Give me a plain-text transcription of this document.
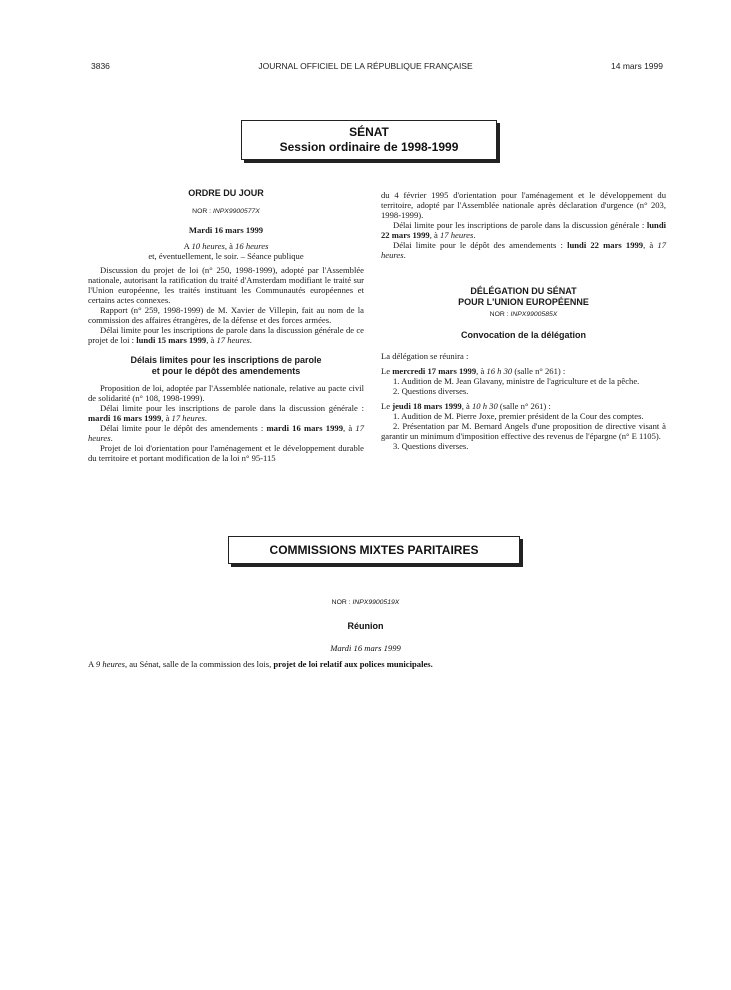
3836	JOURNAL OFFICIEL DE LA RÉPUBLIQUE FRANÇAISE	14 mars 1999
SÉNAT
Session ordinaire de 1998-1999
ORDRE DU JOUR
NOR : INPX9900577X
Mardi 16 mars 1999
A 10 heures, à 16 heures
et, éventuellement, le soir. – Séance publique

Discussion du projet de loi (n° 250, 1998-1999), adopté par l'Assemblée nationale, autorisant la ratification du traité d'Amsterdam modifiant le traité sur l'Union européenne, les traités instituant les Communautés européennes et certains actes connexes.

Rapport (n° 259, 1998-1999) de M. Xavier de Villepin, fait au nom de la commission des affaires étrangères, de la défense et des forces armées.

Délai limite pour les inscriptions de parole dans la discussion générale de ce projet de loi : lundi 15 mars 1999, à 17 heures.

Délais limites pour les inscriptions de parole
et pour le dépôt des amendements

Proposition de loi, adoptée par l'Assemblée nationale, relative au pacte civil de solidarité (n° 108, 1998-1999).

Délai limite pour les inscriptions de parole dans la discussion générale : mardi 16 mars 1999, à 17 heures.

Délai limite pour le dépôt des amendements : mardi 16 mars 1999, à 17 heures.

Projet de loi d'orientation pour l'aménagement et le développement durable du territoire et portant modification de la loi n° 95-115

du 4 février 1995 d'orientation pour l'aménagement et le développement du territoire, adopté par l'Assemblée nationale après déclaration d'urgence (n° 203, 1998-1999).

Délai limite pour les inscriptions de parole dans la discussion générale : lundi 22 mars 1999, à 17 heures.

Délai limite pour le dépôt des amendements : lundi 22 mars 1999, à 17 heures.

DÉLÉGATION DU SÉNAT
POUR L'UNION EUROPÉENNE
NOR : INPX9900585X
Convocation de la délégation

La délégation se réunira :

Le mercredi 17 mars 1999, à 16 h 30 (salle n° 261) :

1. Audition de M. Jean Glavany, ministre de l'agriculture et de la pêche.

2. Questions diverses.

Le jeudi 18 mars 1999, à 10 h 30 (salle n° 261) :

1. Audition de M. Pierre Joxe, premier président de la Cour des comptes.

2. Présentation par M. Bernard Angels d'une proposition de directive visant à garantir un minimum d'imposition effective des revenus de l'épargne (n° E 1105).

3. Questions diverses.

COMMISSIONS MIXTES PARITAIRES
NOR : INPX9900519X
Réunion
Mardi 16 mars 1999
A 9 heures, au Sénat, salle de la commission des lois, projet de loi relatif aux polices municipales.
